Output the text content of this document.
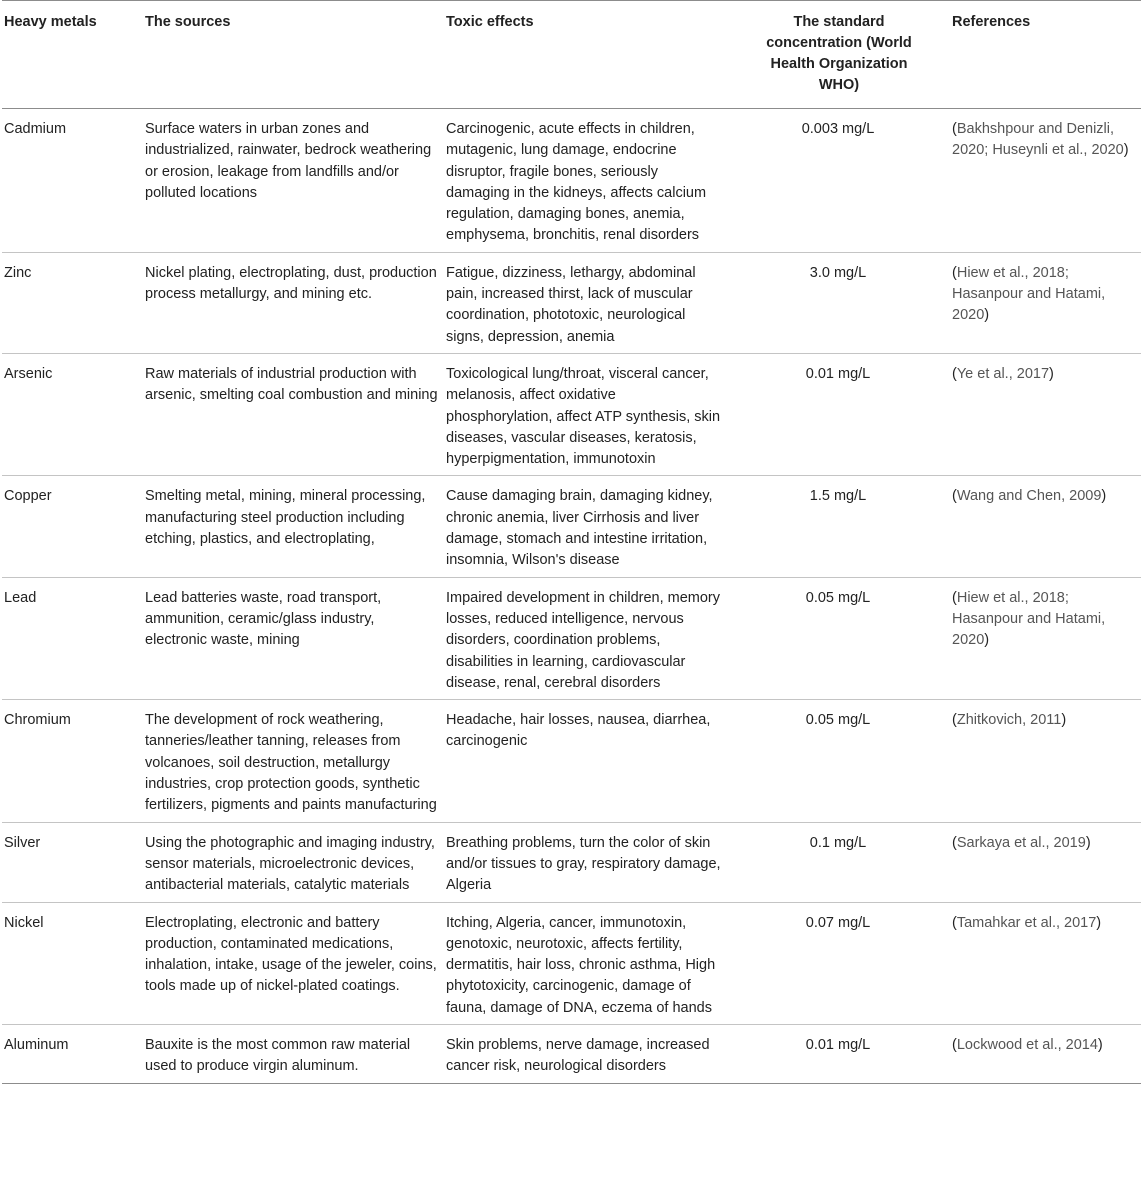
Heavy metals	The sources	Toxic effects	The standard concentration (World Health Organization WHO)	References
Cadmium	Surface waters in urban zones and industrialized, rainwater, bedrock weathering or erosion, leakage from landfills and/or polluted locations	Carcinogenic, acute effects in children, mutagenic, lung damage, endocrine disruptor, fragile bones, seriously damaging in the kidneys, affects calcium regulation, damaging bones, anemia, emphysema, bronchitis, renal disorders	0.003 mg/L	(Bakhshpour and Denizli, 2020; Huseynli et al., 2020)
Zinc	Nickel plating, electroplating, dust, production process metallurgy, and mining etc.	Fatigue, dizziness, lethargy, abdominal pain, increased thirst, lack of muscular coordination, phototoxic, neurological signs, depression, anemia	3.0 mg/L	(Hiew et al., 2018; Hasanpour and Hatami, 2020)
Arsenic	Raw materials of industrial production with arsenic, smelting coal combustion and mining	Toxicological lung/throat, visceral cancer, melanosis, affect oxidative phosphorylation, affect ATP synthesis, skin diseases, vascular diseases, keratosis, hyperpigmentation, immunotoxin	0.01 mg/L	(Ye et al., 2017)
Copper	Smelting metal, mining, mineral processing, manufacturing steel production including etching, plastics, and electroplating,	Cause damaging brain, damaging kidney, chronic anemia, liver Cirrhosis and liver damage, stomach and intestine irritation, insomnia, Wilson's disease	1.5 mg/L	(Wang and Chen, 2009)
Lead	Lead batteries waste, road transport, ammunition, ceramic/glass industry, electronic waste, mining	Impaired development in children, memory losses, reduced intelligence, nervous disorders, coordination problems, disabilities in learning, cardiovascular disease, renal, cerebral disorders	0.05 mg/L	(Hiew et al., 2018; Hasanpour and Hatami, 2020)
Chromium	The development of rock weathering, tanneries/leather tanning, releases from volcanoes, soil destruction, metallurgy industries, crop protection goods, synthetic fertilizers, pigments and paints manufacturing	Headache, hair losses, nausea, diarrhea, carcinogenic	0.05 mg/L	(Zhitkovich, 2011)
Silver	Using the photographic and imaging industry, sensor materials, microelectronic devices, antibacterial materials, catalytic materials	Breathing problems, turn the color of skin and/or tissues to gray, respiratory damage, Algeria	0.1 mg/L	(Sarkaya et al., 2019)
Nickel	Electroplating, electronic and battery production, contaminated medications, inhalation, intake, usage of the jeweler, coins, tools made up of nickel-plated coatings.	Itching, Algeria, cancer, immunotoxin, genotoxic, neurotoxic, affects fertility, dermatitis, hair loss, chronic asthma, High phytotoxicity, carcinogenic, damage of fauna, damage of DNA, eczema of hands	0.07 mg/L	(Tamahkar et al., 2017)
Aluminum	Bauxite is the most common raw material used to produce virgin aluminum.	Skin problems, nerve damage, increased cancer risk, neurological disorders	0.01 mg/L	(Lockwood et al., 2014)
